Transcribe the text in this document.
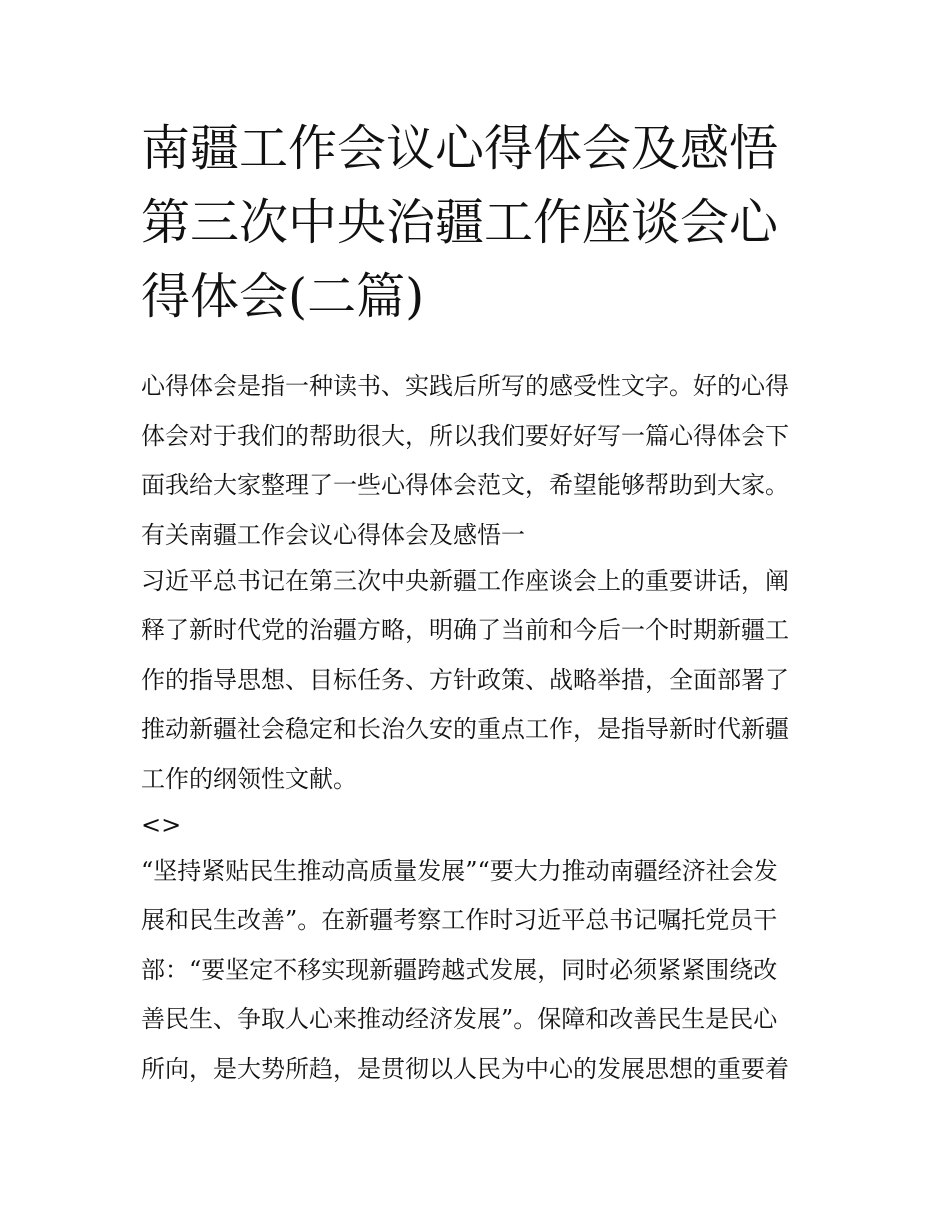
南疆工作会议心得体会及感悟
第三次中央治疆工作座谈会心
得体会(二篇)
心得体会是指一种读书、实践后所写的感受性文字。好的心得
体会对于我们的帮助很大，所以我们要好好写一篇心得体会下
面我给大家整理了一些心得体会范文，希望能够帮助到大家。
有关南疆工作会议心得体会及感悟一
习近平总书记在第三次中央新疆工作座谈会上的重要讲话，阐
释了新时代党的治疆方略，明确了当前和今后一个时期新疆工
作的指导思想、目标任务、方针政策、战略举措，全面部署了
推动新疆社会稳定和长治久安的重点工作，是指导新时代新疆
工作的纲领性文献。
<>
“坚持紧贴民生推动高质量发展”“要大力推动南疆经济社会发
展和民生改善”。在新疆考察工作时习近平总书记嘱托党员干
部：“要坚定不移实现新疆跨越式发展，同时必须紧紧围绕改
善民生、争取人心来推动经济发展”。保障和改善民生是民心
所向，是大势所趋，是贯彻以人民为中心的发展思想的重要着
